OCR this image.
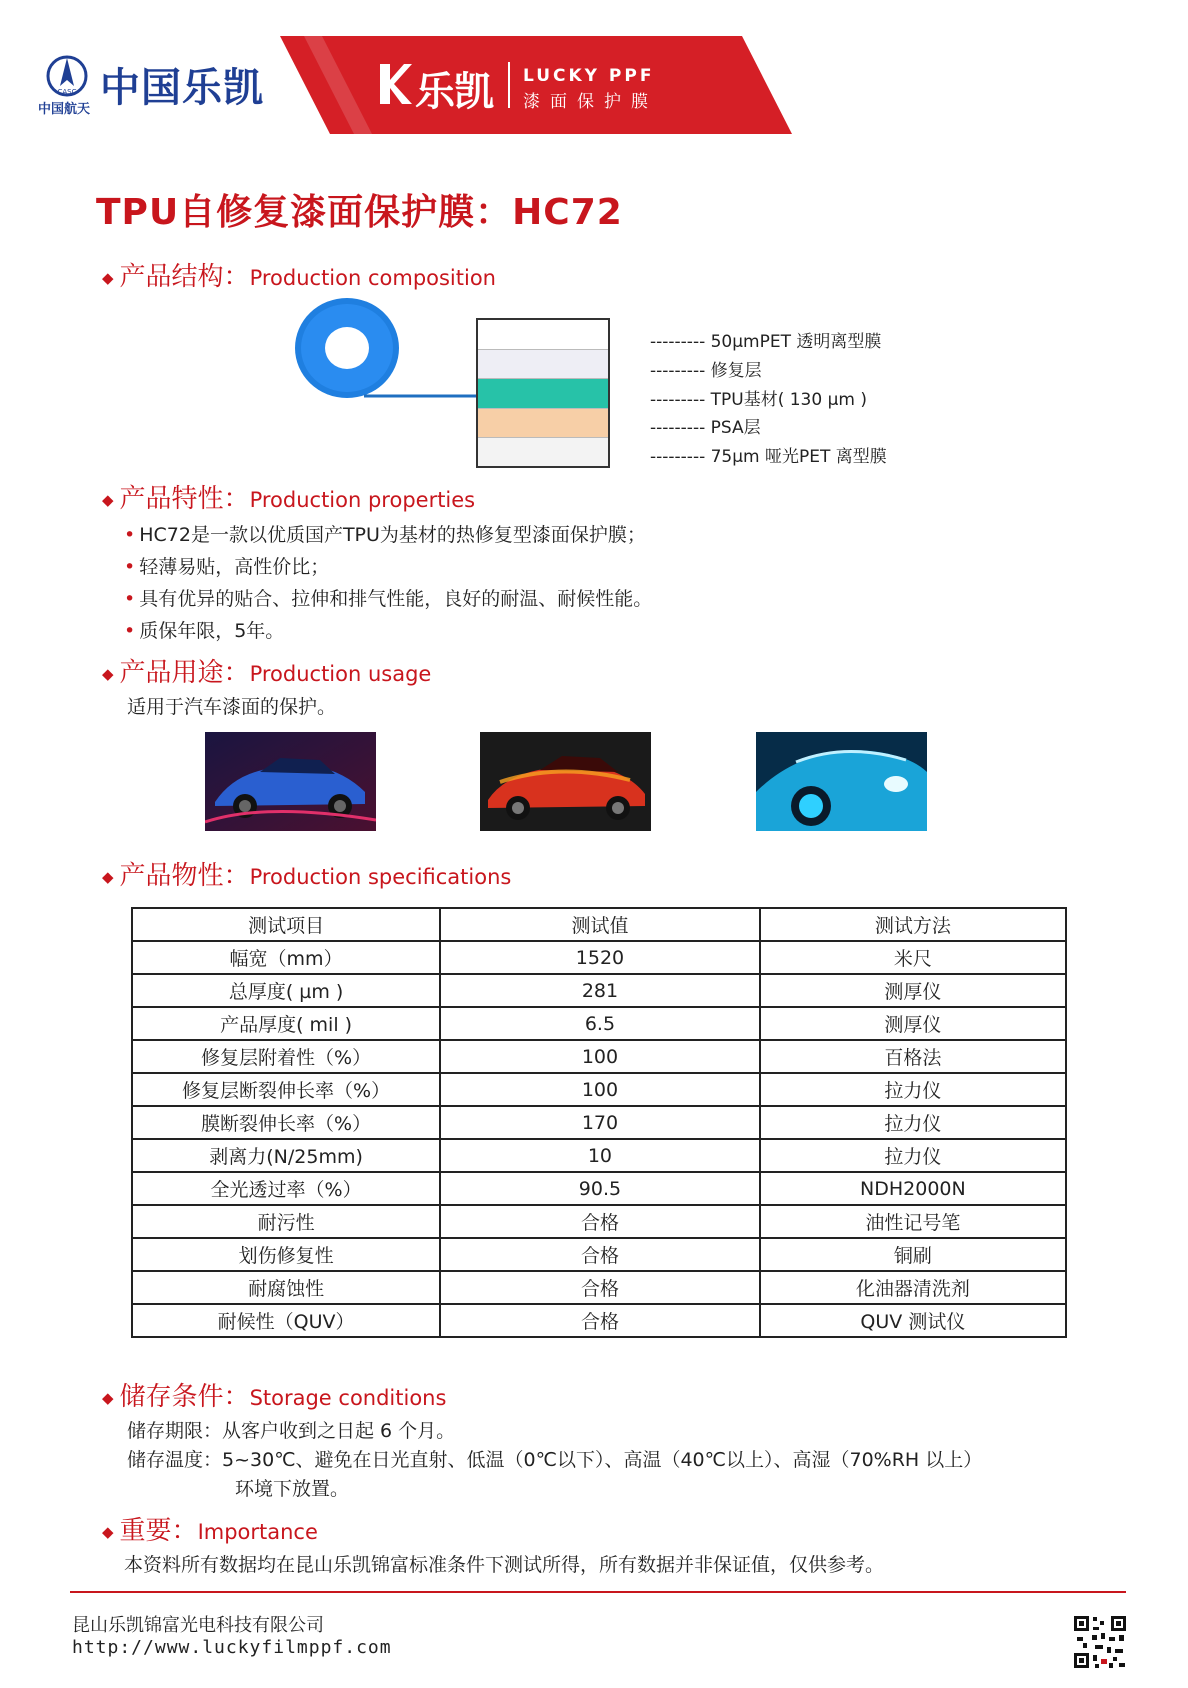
CASC
中国航天 中国乐凯	乐凯 LUCKY PPF
漆面保护膜
TPU自修复漆面保护膜：HC72
◆ 产品结构：Production composition
--------- 50µmPET 透明离型膜
--------- 修复层
--------- TPU基材( 130 µm )
--------- PSA层
--------- 75µm 哑光PET 离型膜
◆ 产品特性：Production properties
• HC72是一款以优质国产TPU为基材的热修复型漆面保护膜；
• 轻薄易贴，高性价比；
• 具有优异的贴合、拉伸和排气性能，良好的耐温、耐候性能。
• 质保年限，5年。
◆ 产品用途：Production usage
适用于汽车漆面的保护。
◆ 产品物性：Production specifications
测试项目	测试值	测试方法
幅宽（mm）	1520	米尺
总厚度( µm )	281	测厚仪
产品厚度( mil )	6.5	测厚仪
修复层附着性（%）	100	百格法
修复层断裂伸长率（%）	100	拉力仪
膜断裂伸长率（%）	170	拉力仪
剥离力(N/25mm)	10	拉力仪
全光透过率（%）	90.5	NDH2000N
耐污性	合格	油性记号笔
划伤修复性	合格	铜刷
耐腐蚀性	合格	化油器清洗剂
耐候性（QUV）	合格	QUV 测试仪
◆ 储存条件：Storage conditions
储存期限：从客户收到之日起 6 个月。
储存温度：5~30℃、避免在日光直射、低温（0℃以下）、高温（40℃以上）、高湿（70%RH 以上）
环境下放置。
◆ 重要：Importance
本资料所有数据均在昆山乐凯锦富标准条件下测试所得，所有数据并非保证值，仅供参考。
昆山乐凯锦富光电科技有限公司
http://www.luckyfilmppf.com
